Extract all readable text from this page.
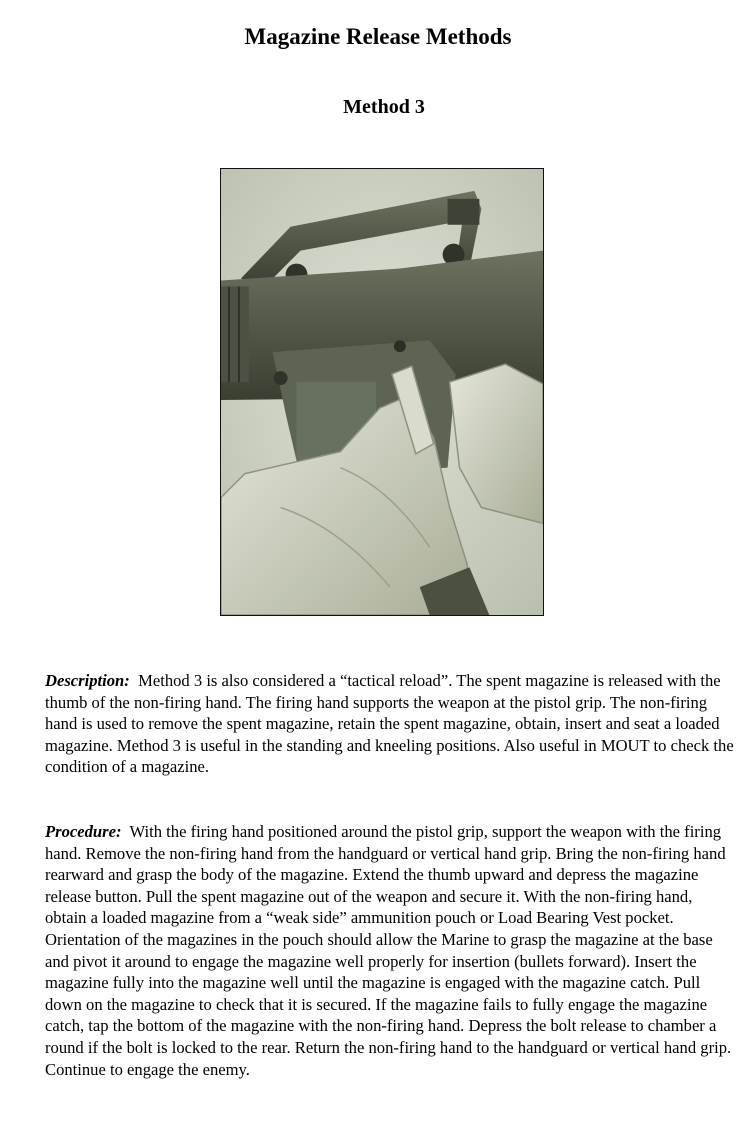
Magazine Release Methods
Method 3

Description: Method 3 is also considered a “tactical reload”. The spent magazine is released with the thumb of the non-firing hand. The firing hand supports the weapon at the pistol grip. The non-firing hand is used to remove the spent magazine, retain the spent magazine, obtain, insert and seat a loaded magazine. Method 3 is useful in the standing and kneeling positions. Also useful in MOUT to check the condition of a magazine.

Procedure: With the firing hand positioned around the pistol grip, support the weapon with the firing hand. Remove the non-firing hand from the handguard or vertical hand grip. Bring the non-firing hand rearward and grasp the body of the magazine. Extend the thumb upward and depress the magazine release button. Pull the spent magazine out of the weapon and secure it. With the non-firing hand, obtain a loaded magazine from a “weak side” ammunition pouch or Load Bearing Vest pocket. Orientation of the magazines in the pouch should allow the Marine to grasp the magazine at the base and pivot it around to engage the magazine well properly for insertion (bullets forward). Insert the magazine fully into the magazine well until the magazine is engaged with the magazine catch. Pull down on the magazine to check that it is secured. If the magazine fails to fully engage the magazine catch, tap the bottom of the magazine with the non-firing hand. Depress the bolt release to chamber a round if the bolt is locked to the rear. Return the non-firing hand to the handguard or vertical hand grip. Continue to engage the enemy.
